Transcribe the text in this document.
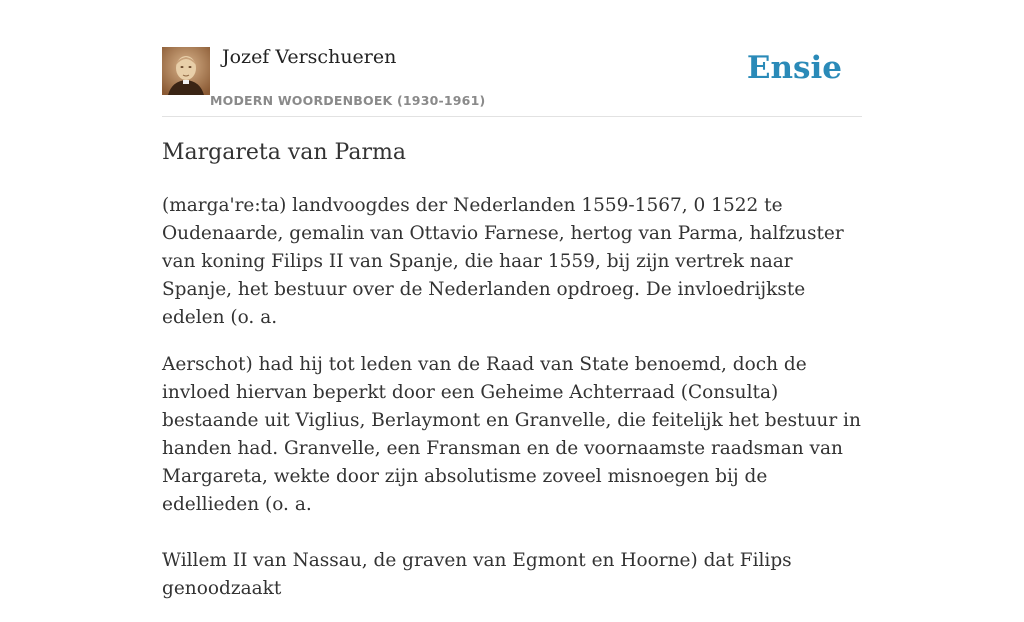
Jozef Verschueren
MODERN WOORDENBOEK (1930-1961)
Ensie
Margareta van Parma

(marga're:ta) landvoogdes der Nederlanden 1559-1567, 0 1522 te Oudenaarde, gemalin van Ottavio Farnese, hertog van Parma, halfzuster van koning Filips II van Spanje, die haar 1559, bij zijn vertrek naar Spanje, het bestuur over de Nederlanden opdroeg. De invloedrijkste edelen (o. a.

Aerschot) had hij tot leden van de Raad van State benoemd, doch de invloed hiervan beperkt door een Geheime Achterraad (Consulta) bestaande uit Viglius, Berlaymont en Granvelle, die feitelijk het bestuur in handen had. Granvelle, een Fransman en de voornaamste raadsman van Margareta, wekte door zijn absolutisme zoveel misnoegen bij de edellieden (o. a.

Willem II van Nassau, de graven van Egmont en Hoorne) dat Filips genoodzaakt
